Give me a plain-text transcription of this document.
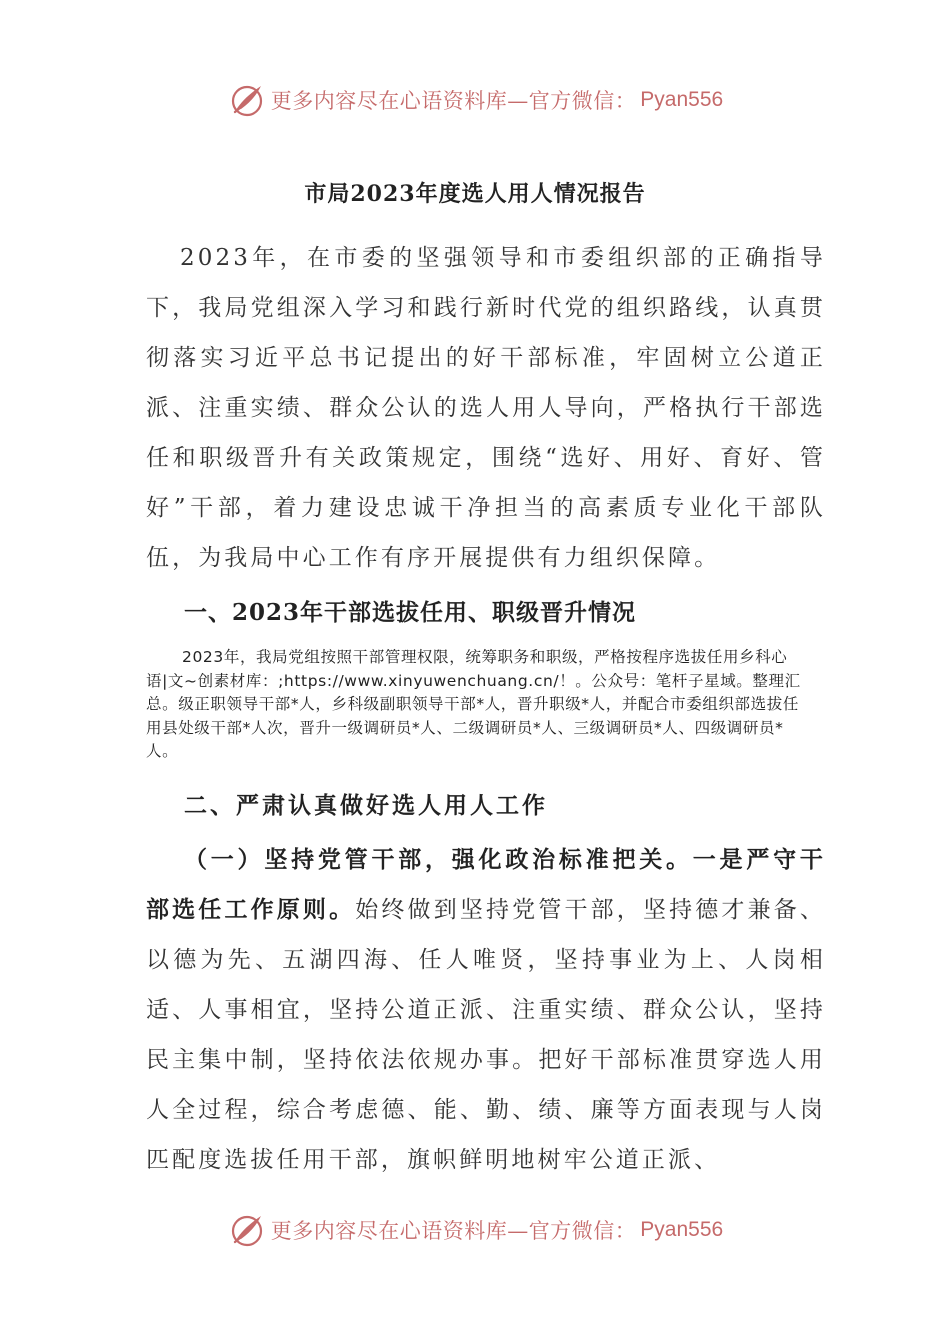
更多内容尽在心语资料库—官方微信： Pyan556
市局2023年度选人用人情况报告
2023年，在市委的坚强领导和市委组织部的正确指导下，我局党组深入学习和践行新时代党的组织路线，认真贯彻落实习近平总书记提出的好干部标准，牢固树立公道正派、注重实绩、群众公认的选人用人导向，严格执行干部选任和职级晋升有关政策规定，围绕“选好、用好、育好、管好”干部，着力建设忠诚干净担当的高素质专业化干部队伍，为我局中心工作有序开展提供有力组织保障。
一、2023年干部选拔任用、职级晋升情况
2023年，我局党组按照干部管理权限，统筹职务和职级，严格按程序选拔任用乡科心语|文~创素材库：;https://www.xinyuwenchuang.cn/！。公众号：笔杆子星域。整理汇总。级正职领导干部*人，乡科级副职领导干部*人，晋升职级*人，并配合市委组织部选拔任用县处级干部*人次，晋升一级调研员*人、二级调研员*人、三级调研员*人、四级调研员*人。
二、严肃认真做好选人用人工作
（一）坚持党管干部，强化政治标准把关。一是严守干部选任工作原则。始终做到坚持党管干部，坚持德才兼备、以德为先、五湖四海、任人唯贤，坚持事业为上、人岗相适、人事相宜，坚持公道正派、注重实绩、群众公认，坚持民主集中制，坚持依法依规办事。把好干部标准贯穿选人用人全过程，综合考虑德、能、勤、绩、廉等方面表现与人岗匹配度选拔任用干部，旗帜鲜明地树牢公道正派、
更多内容尽在心语资料库—官方微信： Pyan556
